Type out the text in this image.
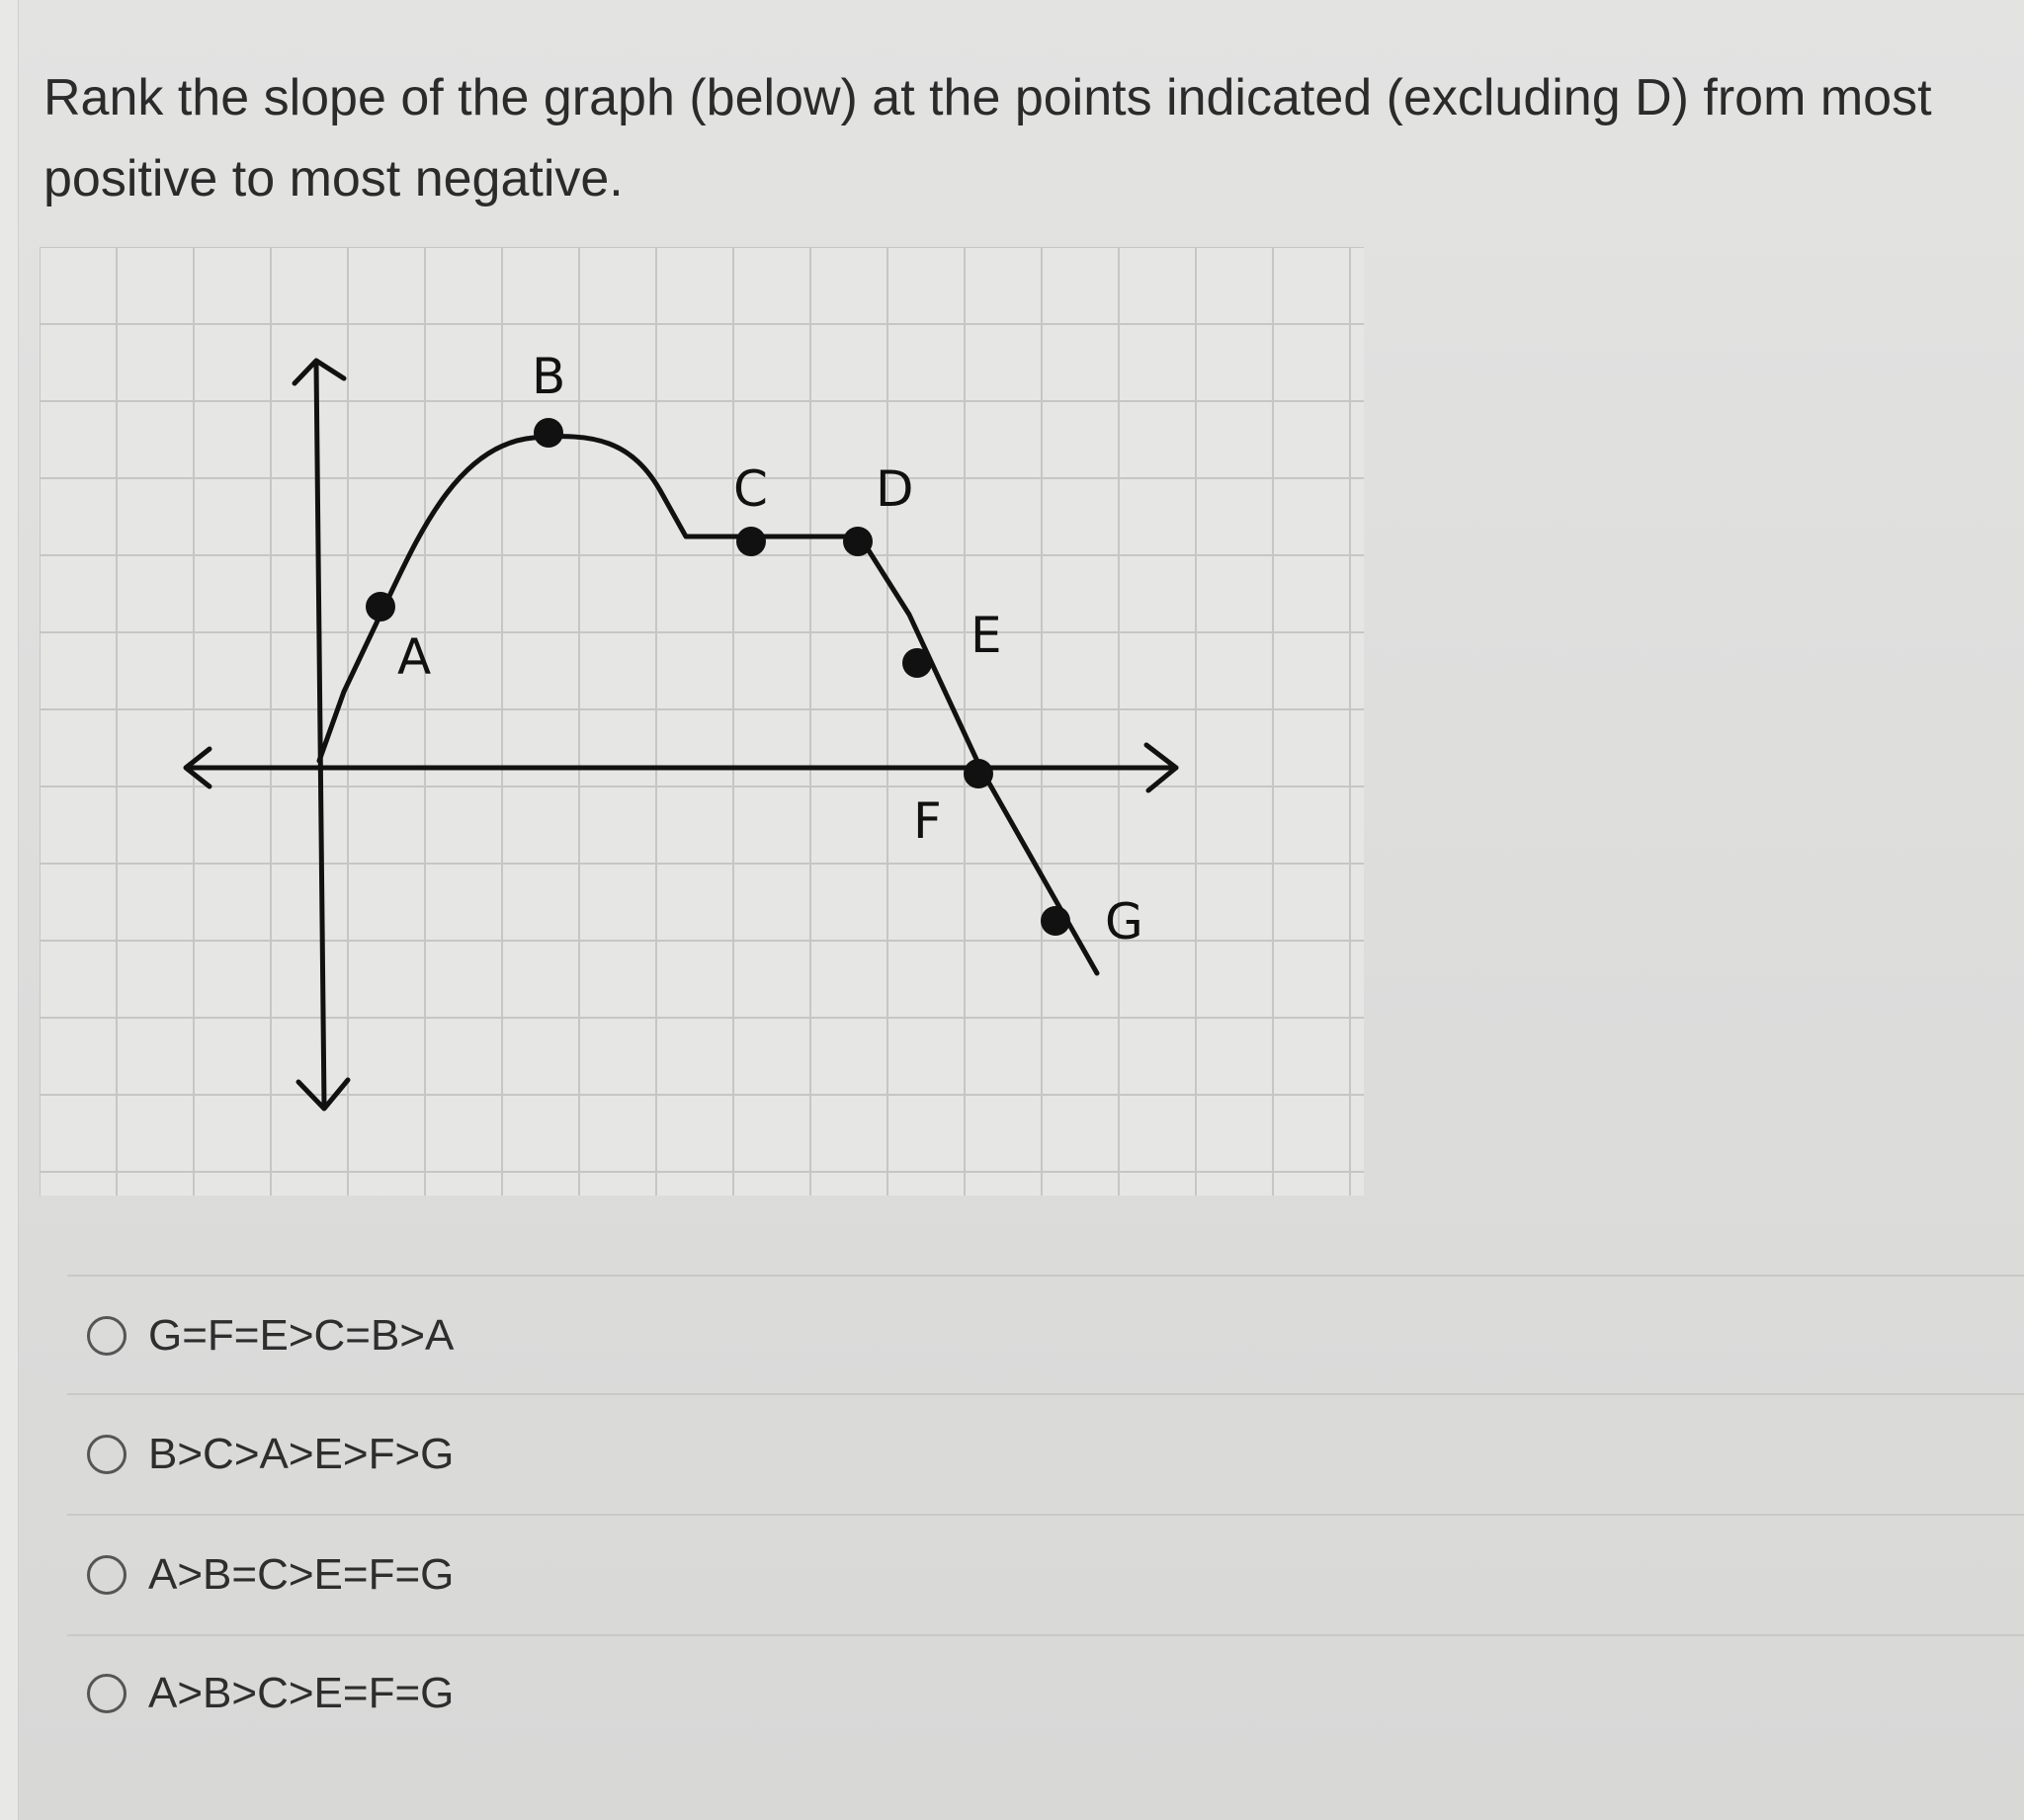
Rank the slope of the graph (below) at the points indicated (excluding D) from most positive to most negative.
A
B
C D
E
F
G
G=F=E>C=B>A
B>C>A>E>F>G
A>B=C>E=F=G
A>B>C>E=F=G
